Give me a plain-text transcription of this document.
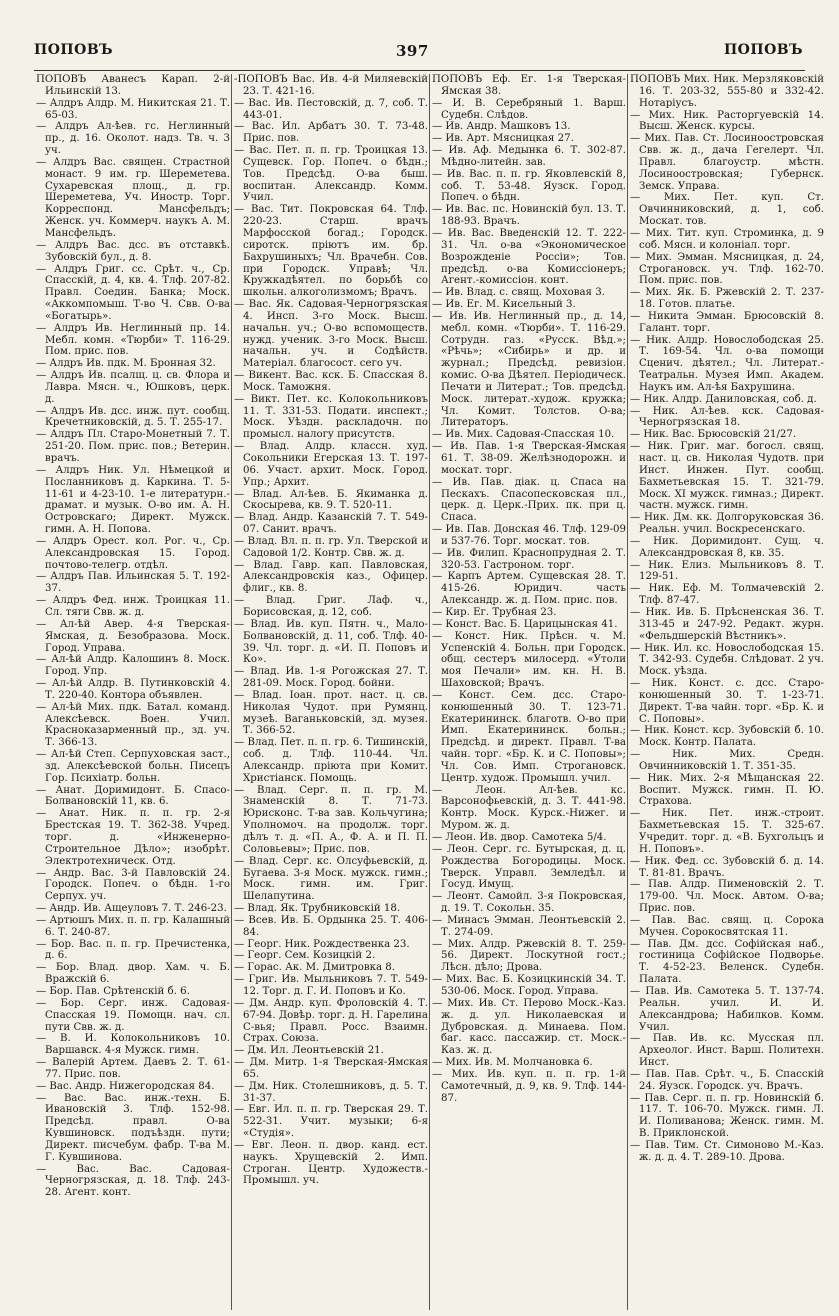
ПОПОВЪ	397	ПОПОВЪ

ПОПОВЪ Аванесъ Карап. 2-й Ильинскій 13.

— Алдръ Алдр. М. Никитская 21. Т. 65-03.

— Алдръ Ал-ѣев. гс. Неглинный пр., д. 16. Околот. надз. Тв. ч. 3 уч.

— Алдръ Вас. священ. Страстной монаст. 9 им. гр. Шереметева. Сухаревская площ., д. гр. Шереметева, Уч. Иностр. Торг. Корреспонд. Мансфельдъ; Женск. уч. Коммерч. наукъ А. М. Мансфельдъ.

— Алдръ Вас. дсс. въ отставкѣ. Зубовскій бул., д. 8.

— Алдръ Григ. сс. Срѣт. ч., Ср. Спасскій, д. 4, кв. 4. Тлф. 207-82. Правл. Соедин. Банка; Моск. «Аккомпомыш. Т-во Ч. Свв. О-ва «Богатырь».

— Алдръ Ив. Неглинный пр. 14. Мебл. комн. «Тюрби» Т. 116-29. Пом. прис. пов.

— Алдръ Ив. пдк. М. Бронная 32.

— Алдръ Ив. псалщ. ц. св. Флора и Лавра. Мясн. ч., Юшковъ, церк. д.

— Алдръ Ив. дсс. инж. пут. сообщ. Кречетниковскій, д. 5. Т. 255-17.

— Алдръ Пл. Старо-Монетный 7. Т. 251-20. Пом. прис. пов.; Ветерин. врачъ.

— Алдръ Ник. Ул. Нѣмецкой и Посланниковъ д. Каркина. Т. 5-11-61 и 4-23-10. 1-е литературн.-драмат. и музык. О-во им. А. Н. Островскаго; Директ. Мужск. гимн. А. Н. Попова.

— Алдръ Орест. кол. Рог. ч., Ср. Александровская 15. Город. почтово-телегр. отдѣл.

— Алдръ Пав. Ильинская 5. Т. 192-37.

— Алдръ Фед. инж. Троицкая 11. Сл. тяги Свв. ж. д.

— Ал-ѣй Авер. 4-я Тверская-Ямская, д. Безобразова. Моск. Город. Управа.

— Ал-ѣй Алдр. Калошинъ 8. Моск. Город. Упр.

— Ал-ѣй Алдр. В. Путинковскій 4. Т. 220-40. Контора объявлен.

— Ал-ѣй Мих. пдк. Батал. команд. Алексѣевск. Воен. Учил. Красноказарменный пр., зд. уч. Т. 366-13.

— Ал-ѣй Степ. Серпуховская заст., зд. Алексѣевской больн. Писецъ Гор. Психіатр. больн.

— Анат. Доримидонт. Б. Спасо-Болвановскій 11, кв. 6.

— Анат. Ник. п. п. гр. 2-я Брестская 19. Т. 362-38. Учред. торг. д. «Инженерно-Строительное Дѣло»; изобрѣт. Электротехническ. Отд.

— Андр. Вас. 3-й Павловскій 24. Городск. Попеч. о бѣдн. 1-го Серпух. уч.

— Андр. Ив. Ащеуловъ 7. Т. 246-23.

— Артюшъ Мих. п. п. гр. Калашный 6. Т. 240-87.

— Бор. Вас. п. п. гр. Пречистенка, д. 6.

— Бор. Влад. двор. Хам. ч. Б. Вражскій 6.

— Бор. Пав. Срѣтенскій б. 6.

— Бор. Серг. инж. Садовая-Спасская 19. Помощн. нач. сл. пути Свв. ж. д.

— В. И. Колокольниковъ 10. Варшавск. 4-я Мужск. гимн.

— Валерій Артем. Даевъ 2. Т. 61-77. Прис. пов.

— Вас. Андр. Нижегородская 84.

— Вас. Вас. инж.-техн. Б. Ивановскій 3. Тлф. 152-98. Предсѣд. правл. О-ва Кувшиновск. подъѣздн. пути; Директ. писчебум. фабр. Т-ва М. Г. Кувшинова.

— Вас. Вас. Садовая-Черногрязская, д. 18. Тлф. 243-28. Агент. конт.

-ПОПОВЪ Вас. Ив. 4-й Миляевскій 23. Т. 421-16.

— Вас. Ив. Пестовскій, д. 7, соб. Т. 443-01.

— Вас. Ил. Арбатъ 30. Т. 73-48. Прис. пов.

— Вас. Пет. п. п. гр. Троицкая 13. Сущевск. Гор. Попеч. о бѣдн.; Тов. Предсѣд. О-ва быш. воспитан. Александр. Комм. Учил.

— Вас. Тит. Покровская 64. Тлф. 220-23. Старш. врачъ Марфосской богад.; Городск. сиротск. пріютъ им. бр. Бахрушиныхъ; Чл. Врачебн. Сов. при Городск. Управѣ; Чл. Кружкадѣятел. по борьбѣ со школьн. алкоголизмомъ; Врачъ.

— Вас. Як. Садовая-Черногрязская 4. Инсп. 3-го Моск. Высш. начальн. уч.; О-во вспомоществ. нужд. ученик. 3-го Моск. Высш. начальн. уч. и Содѣйств. Матеріал. благосост. сего уч.

— Викент. Вас. кск. Б. Спасская 8. Моск. Таможня.

— Викт. Пет. кс. Колокольниковъ 11. Т. 331-53. Подати. инспект.; Моск. Уѣздн. раскладочн. по промысл. налогу присутств.

— Влад. Алдр. классн. худ. Сокольники Егерская 13. Т. 197-06. Участ. архит. Моск. Город. Упр.; Архит.

— Влад. Ал-ѣев. Б. Якиманка д. Скосырева, кв. 9. Т. 520-11.

— Влад. Андр. Казанскій 7. Т. 549-07. Санит. врачъ.

— Влад. Вл. п. п. гр. Ул. Тверской и Садовой 1/2. Контр. Свв. ж. д.

— Влад. Гавр. кап. Павловская, Александровскія каз., Офицер. флиг., кв. 8.

— Влад. Григ. Лаф. ч., Борисовская, д. 12, соб.

— Влад. Ив. куп. Пятн. ч., Мало-Болвановскій, д. 11, соб. Тлф. 40-39. Чл. торг. д. «И. П. Поповъ и Ко».

— Влад. Ив. 1-я Рогожская 27. Т. 281-09. Моск. Город. бойни.

— Влад. Іоан. прот. наст. ц. св. Николая Чудот. при Румянц. музеѣ. Ваганьковскій, зд. музея. Т. 366-52.

— Влад. Пет. п. п. гр. 6. Тишинскій, соб. д. Тлф. 110-44. Чл. Александр. пріюта при Комит. Христіанск. Помощь.

— Влад. Серг. п. п. гр. М. Знаменскій 8. Т. 71-73. Юрисконс. Т-ва зав. Кольчугина; Уполномоч. на продолж. торг. дѣлъ т. д. «П. А., Ф. А. и П. П. Соловьевы»; Прис. пов.

— Влад. Серг. кс. Олсуфьевскій, д. Бугаева. 3-я Моск. мужск. гимн.; Моск. гимн. им. Григ. Шелапутина.

— Влад. Як. Трубниковскій 18.

— Всев. Ив. Б. Ордынка 25. Т. 406-84.

— Георг. Ник. Рождественка 23.

— Георг. Сем. Козицкій 2.

— Горас. Ак. М. Дмитровка 8.

— Григ. Ив. Мыльниковъ 7. Т. 549-12. Торг. д. Г. И. Поповъ и Ко.

— Дм. Андр. куп. Фроловскій 4. Т. 67-94. Довѣр. торг. д. Н. Гарелина С-вья; Правл. Росс. Взаимн. Страх. Союза.

— Дм. Ил. Леонтьевскій 21.

— Дм. Митр. 1-я Тверская-Ямская 65.

— Дм. Ник. Столешниковъ, д. 5. Т. 31-37.

— Евг. Ил. п. п. гр. Тверская 29. Т. 522-31. Учит. музыки; 6-я «Студія».

— Евг. Леон. п. двор. канд. ест. наукъ. Хрущевскій 2. Имп. Строган. Центр. Художеств.-Промышл. уч.

ПОПОВЪ Еф. Ег. 1-я Тверская-Ямская 38.

— И. В. Серебряный 1. Варш. Судебн. Слѣдов.

— Ив. Андр. Машковъ 13.

— Ив. Арт. Мясницкая 27.

— Ив. Аф. Медынка 6. Т. 302-87. Мѣдно-литейн. зав.

— Ив. Вас. п. п. гр. Яковлевскій 8, соб. Т. 53-48. Яузск. Город. Попеч. о бѣдн.

— Ив. Вас. пс. Новинскій бул. 13. Т. 188-93. Врачъ.

— Ив. Вас. Введенскій 12. Т. 222-31. Чл. о-ва «Экономическое Возрожденіе Россіи»; Тов. предсѣд. о-ва Комиссіонеръ; Агент.-комиссіон. конт.

— Ив. Влад. с. свящ. Моховая 3.

— Ив. Ег. М. Кисельный 3.

— Ив. Ив. Неглинный пр., д. 14, мебл. комн. «Тюрби». Т. 116-29. Сотрудн. газ. «Русск. Вѣд.»; «Рѣчь»; «Сибирь» и др. и журнал.; Предсѣд. ревизіон. комис. О-ва Дѣятел. Періодическ. Печати и Литерат.; Тов. предсѣд. Моск. литерат.-худож. кружка; Чл. Комит. Толстов. О-ва; Литераторъ.

— Ив. Мих. Садовая-Спасская 10.

— Ив. Пав. 1-я Тверская-Ямская 61. Т. 38-09. Желѣзнодорожн. и москат. торг.

— Ив. Пав. дiак. ц. Спаса на Пескахъ. Спасопесковская пл., церк. д. Церк.-Прих. пк. при ц. Спаса.

— Ив. Пав. Донская 46. Тлф. 129-09 и 537-76. Торг. москат. тов.

— Ив. Филип. Краснопрудная 2. Т. 320-53. Гастроном. торг.

— Карпъ Артем. Сущевская 28. Т. 415-26. Юридич. часть Александр. ж. д. Пом. прис. пов.

— Кир. Ег. Трубная 23.

— Конст. Вас. Б. Царицынская 41.

— Конст. Ник. Прѣсн. ч. М. Успенскій 4. Больн. при Городск. общ. сестеръ милосерд. «Утоли моя Печали» им. кн. Н. В. Шаховской; Врачъ.

— Конст. Сем. дсс. Старо-конюшенный 30. Т. 123-71. Екатерининск. благотв. О-во при Имп. Екатерининск. больн.; Предсѣд. и директ. Правл. Т-ва чайн. торг. «Бр. К. и С. Поповы»; Чл. Сов. Имп. Строгановск. Центр. худож. Промышл. учил.

— Леон. Ал-ѣев. кс. Варсонофьевскій, д. 3. Т. 441-98. Контр. Моск. Курск.-Нижег. и Муром. ж. д.

— Леон. Ив. двор. Самотека 5/4.

— Леон. Серг. гс. Бутырская, д. ц. Рождества Богородицы. Моск. Тверск. Управл. Земледѣл. и Госуд. Имущ.

— Леонт. Самойл. 3-я Покровская, д. 19. Т. Сокольн. 35.

— Минасъ Эмман. Леонтьевскій 2. Т. 274-09.

— Мих. Алдр. Ржевскій 8. Т. 259-56. Директ. Лоскутной гост.; Лѣсн. дѣло; Дрова.

— Мих. Вас. Б. Козицкинскій 34. Т. 530-06. Моск. Город. Управа.

— Мих. Ив. Ст. Перово Моск.-Каз. ж. д. ул. Николаевская и Дубровская. д. Минаева. Пом. баг. касс. пассажир. ст. Моск.-Каз. ж. д.

— Мих. Ив. М. Молчановка 6.

— Мих. Ив. куп. п. п. гр. 1-й Самотечный, д. 9, кв. 9. Тлф. 144-87.

ПОПОВЪ Мих. Ник. Мерзляковскій 16. Т. 203-32, 555-80 и 332-42. Нотаріусъ.

— Мих. Ник. Расторгуевскій 14. Высш. Женск. курсы.

— Мих. Пав. Ст. Лосиноостровская Свв. ж. д., дача Гегелерт. Чл. Правл. благоустр. мѣстн. Лосиноостровская; Губернск. Земск. Управа.

— Мих. Пет. куп. Ст. Овчинниковский, д. 1, соб. Москат. тов.

— Мих. Тит. куп. Строминка, д. 9 соб. Мясн. и колоніал. торг.

— Мих. Эмман. Мясницкая, д. 24, Строгановск. уч. Тлф. 162-70. Пом. прис. пов.

— Мих. Як. Б. Ржевскій 2. Т. 237-18. Готов. платье.

— Никита Эмман. Брюсовскій 8. Галант. торг.

— Ник. Алдр. Новослободская 25. Т. 169-54. Чл. о-ва помощи Сценич. дѣятел.; Чл. Литерат.-Театральн. Музея Имп. Академ. Наукъ им. Ал-ѣя Бахрушина.

— Ник. Алдр. Даниловская, соб. д.

— Ник. Ал-ѣев. кск. Садовая-Черногрязская 18.

— Ник. Вас. Брюсовскій 21/27.

— Ник. Григ. маг. богосл. свящ. наст. ц. св. Николая Чудотв. при Инст. Инжен. Пут. сообщ. Бахметьевская 15. Т. 321-79. Моск. XI мужск. гимназ.; Директ. частн. мужск. гимн.

— Ник. Дм. кк. Долгоруковская 36. Реальн. учил. Воскресенскаго.

— Ник. Доримидонт. Сущ. ч. Александровская 8, кв. 35.

— Ник. Елиз. Мыльниковъ 8. Т. 129-51.

— Ник. Еф. М. Толмачевскій 2. Тлф. 87-47.

— Ник. Ив. Б. Прѣсненская 36. Т. 313-45 и 247-92. Редакт. журн. «Фельдшерскій Вѣстникъ».

— Ник. Ил. кс. Новослободская 15. Т. 342-93. Судебн. Слѣдоват. 2 уч. Моск. уѣзда.

— Ник. Конст. с. дсс. Старо-конюшенный 30. Т. 1-23-71. Директ. Т-ва чайн. торг. «Бр. К. и С. Поповы».

— Ник. Конст. кср. Зубовскій б. 10. Моск. Контр. Палата.

— Ник. Мих. Средн. Овчинниковскій 1. Т. 351-35.

— Ник. Мих. 2-я Мѣщанская 22. Воспит. Мужск. гимн. П. Ю. Страхова.

— Ник. Пет. инж.-строит. Бахметьевская 15. Т. 325-67. Учредит. торг. д. «В. Бухгольцъ и Н. Поповъ».

— Ник. Фед. сс. Зубовскій б. д. 14. Т. 81-81. Врачъ.

— Пав. Алдр. Пименовскій 2. Т. 179-00. Чл. Моск. Автом. О-ва; Прис. пов.

— Пав. Вас. свящ. ц. Сорока Мучен. Сорокосвятская 11.

— Пав. Дм. дсс. Софійская наб., гостиница Софійское Подворье. Т. 4-52-23. Веленск. Судебн. Палата.

— Пав. Ив. Самотека 5. Т. 137-74. Реальн. учил. И. И. Александрова; Набилков. Комм. Учил.

— Пав. Ив. кс. Мусская пл. Археолог. Инст. Варш. Политехн. Инст.

— Пав. Пав. Срѣт. ч., Б. Спасскій 24. Яузск. Городск. уч. Врачъ.

— Пав. Серг. п. п. гр. Новинскій б. 117. Т. 106-70. Мужск. гимн. Л. И. Поливанова; Женск. гимн. М. В. Приклонской.

— Пав. Тим. Ст. Симоново М.-Каз. ж. д. д. 4. Т. 289-10. Дрова.
